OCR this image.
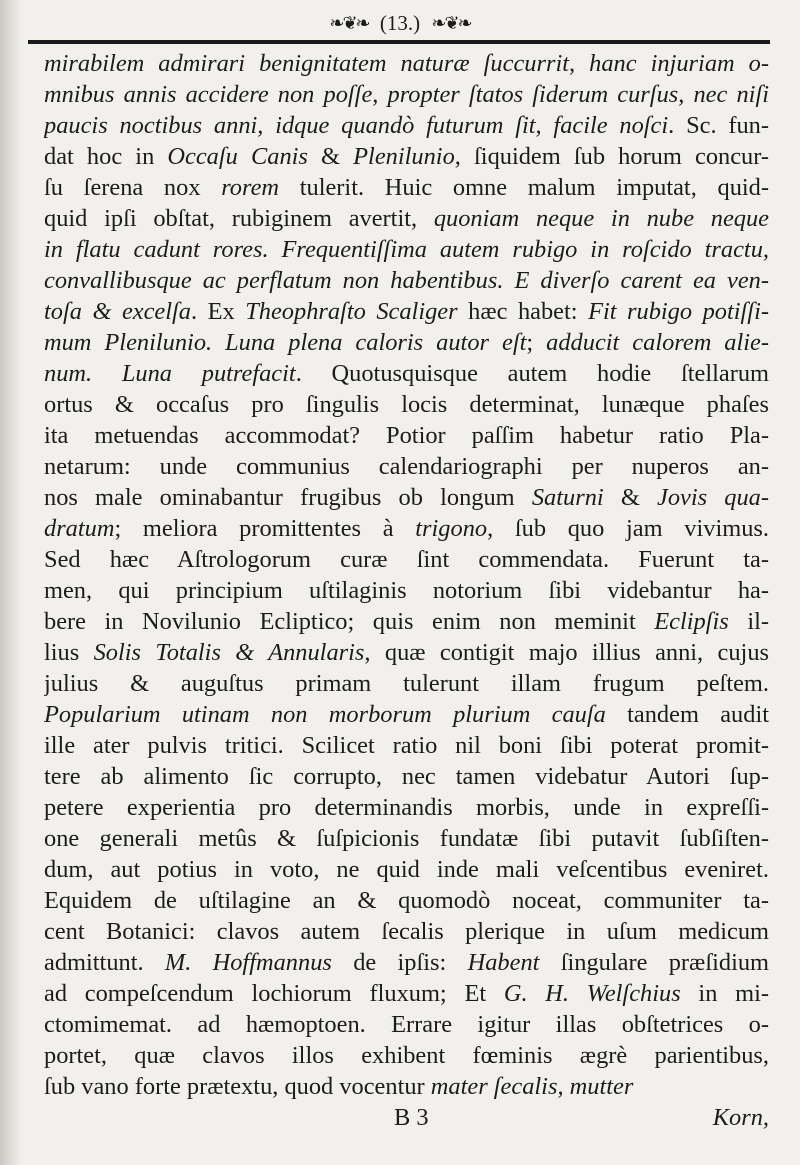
❧❦❧ (13.) ❧❦❧
mirabilem admirari benignitatem naturæ ſuccurrit, hanc injuriam o-
mnibus annis accidere non poſſe, propter ſtatos ſiderum curſus, nec niſi
paucis noctibus anni, idque quandò futurum ſit, facile noſci. Sc. fun-
dat hoc in Occaſu Canis & Plenilunio, ſiquidem ſub horum concur-
ſu ſerena nox rorem tulerit. Huic omne malum imputat, quid-
quid ipſi obſtat, rubiginem avertit, quoniam neque in nube neque
in flatu cadunt rores. Frequentiſſima autem rubigo in roſcido tractu,
convallibusque ac perflatum non habentibus. E diverſo carent ea ven-
toſa & excelſa. Ex Theophraſto Scaliger hæc habet: Fit rubigo potiſſi-
mum Plenilunio. Luna plena caloris autor eſt; adducit calorem alie-
num. Luna putrefacit. Quotusquisque autem hodie ſtellarum
ortus & occaſus pro ſingulis locis determinat, lunæque phaſes
ita metuendas accommodat? Potior paſſim habetur ratio Pla-
netarum: unde communius calendariographi per nuperos an-
nos male ominabantur frugibus ob longum Saturni & Jovis qua-
dratum; meliora promittentes à trigono, ſub quo jam vivimus.
Sed hæc Aſtrologorum curæ ſint commendata. Fuerunt ta-
men, qui principium uſtilaginis notorium ſibi videbantur ha-
bere in Novilunio Ecliptico; quis enim non meminit Eclipſis il-
lius Solis Totalis & Annularis, quæ contigit majo illius anni, cujus
julius & auguſtus primam tulerunt illam frugum peſtem.
Popularium utinam non morborum plurium cauſa tandem audit
ille ater pulvis tritici. Scilicet ratio nil boni ſibi poterat promit-
tere ab alimento ſic corrupto, nec tamen videbatur Autori ſup-
petere experientia pro determinandis morbis, unde in expreſſi-
one generali metûs & ſuſpicionis fundatæ ſibi putavit ſubſiſten-
dum, aut potius in voto, ne quid inde mali veſcentibus eveniret.
Equidem de uſtilagine an & quomodò noceat, communiter ta-
cent Botanici: clavos autem ſecalis plerique in uſum medicum
admittunt. M. Hoffmannus de ipſis: Habent ſingulare præſidium
ad compeſcendum lochiorum fluxum; Et G. H. Welſchius in mi-
ctomimemat. ad hæmoptoen. Errare igitur illas obſtetrices o-
portet, quæ clavos illos exhibent fœminis ægrè parientibus,
ſub vano forte prætextu, quod vocentur mater ſecalis, mutter
B 3	Korn,
